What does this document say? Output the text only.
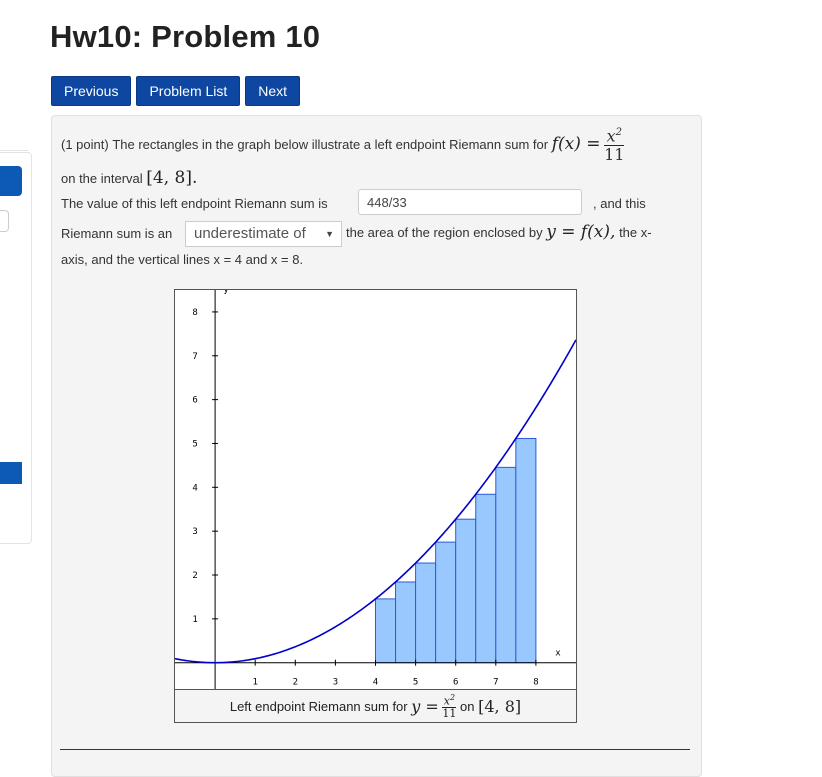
Hw10: Problem 10
Previous	Problem List	Next
(1 point)
The rectangles in the graph below illustrate a left endpoint Riemann sum for
f(x) =
$\frac{x^2}{11}$
on the interval [4, 8].
The value of this left endpoint Riemann sum is	, and this
Riemann sum is an	the area of the region enclosed by
y = f(x),
the x-
axis, and the vertical lines x = 4 and x = 8.
448/33
underestimate of ▼
1	2	3	4	5	6	7	8
1
2
3
4
5
6
7
8
x
y
Left endpoint Riemann sum for
y =
$\frac{x^2}{11}$
on
[4, 8]
